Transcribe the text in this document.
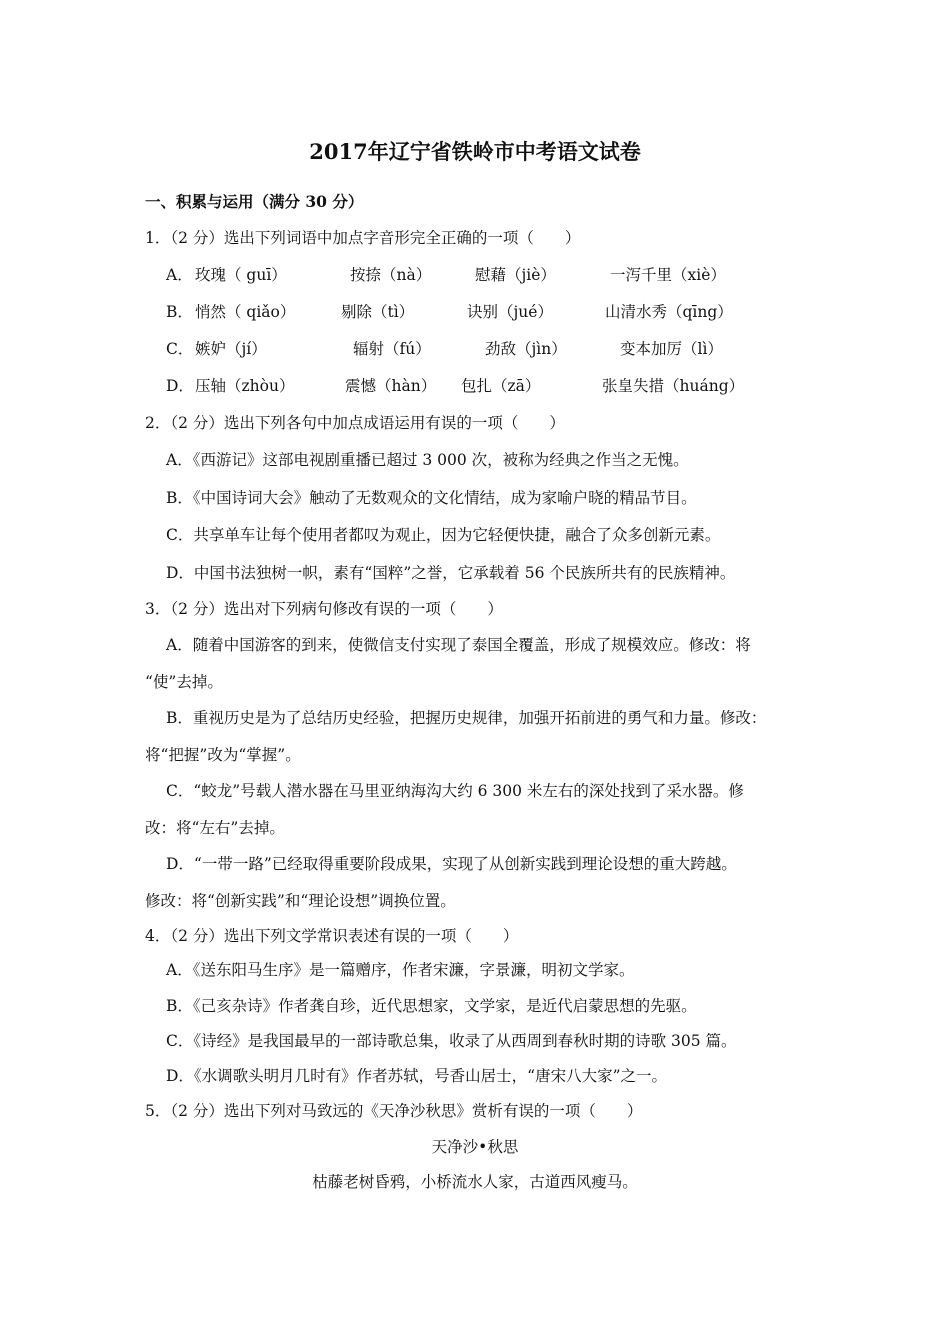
2017年辽宁省铁岭市中考语文试卷
一、积累与运用（满分 30 分）
1．（2 分）选出下列词语中加点字音形完全正确的一项（　　）
A． 玫瑰（ guī）	按捺（nà）	慰藉（jiè）	一泻千里（xiè）
B． 悄然（ qiǎo）	剔除（tì）	诀别（jué）	山清水秀（qīng）
C． 嫉妒（jí）	辐射（fú）	劲敌（jìn）	变本加厉（lì）
D． 压轴（zhòu）	震憾（hàn） 包扎（zā）	张皇失措（huáng）
2．（2 分）选出下列各句中加点成语运用有误的一项（　　）
A．《西游记》这部电视剧重播已超过 3 000 次，被称为经典之作当之无愧。
B．《中国诗词大会》触动了无数观众的文化情结，成为家喻户晓的精品节目。
C．共享单车让每个使用者都叹为观止，因为它轻便快捷，融合了众多创新元素。
D．中国书法独树一帜，素有“国粹”之誉，它承载着 56 个民族所共有的民族精神。
3．（2 分）选出对下列病句修改有误的一项（　　）
A．随着中国游客的到来，使微信支付实现了泰国全覆盖，形成了规模效应。修改：将
“使”去掉。
B．重视历史是为了总结历史经验，把握历史规律，加强开拓前进的勇气和力量。修改：
将“把握”改为“掌握”。
C．“蛟龙”号载人潜水器在马里亚纳海沟大约 6 300 米左右的深处找到了采水器。修
改：将“左右”去掉。
D．“一带一路”已经取得重要阶段成果，实现了从创新实践到理论设想的重大跨越。
修改：将“创新实践”和“理论设想”调换位置。
4．（2 分）选出下列文学常识表述有误的一项（　　）
A．《送东阳马生序》是一篇赠序，作者宋濂，字景濂，明初文学家。
B．《己亥杂诗》作者龚自珍，近代思想家，文学家，是近代启蒙思想的先驱。
C．《诗经》是我国最早的一部诗歌总集，收录了从西周到春秋时期的诗歌 305 篇。
D．《水调歌头明月几时有》作者苏轼，号香山居士，“唐宋八大家”之一。
5．（2 分）选出下列对马致远的《天净沙秋思》赏析有误的一项（　　）
天净沙•秋思
枯藤老树昏鸦，小桥流水人家，古道西风瘦马。
